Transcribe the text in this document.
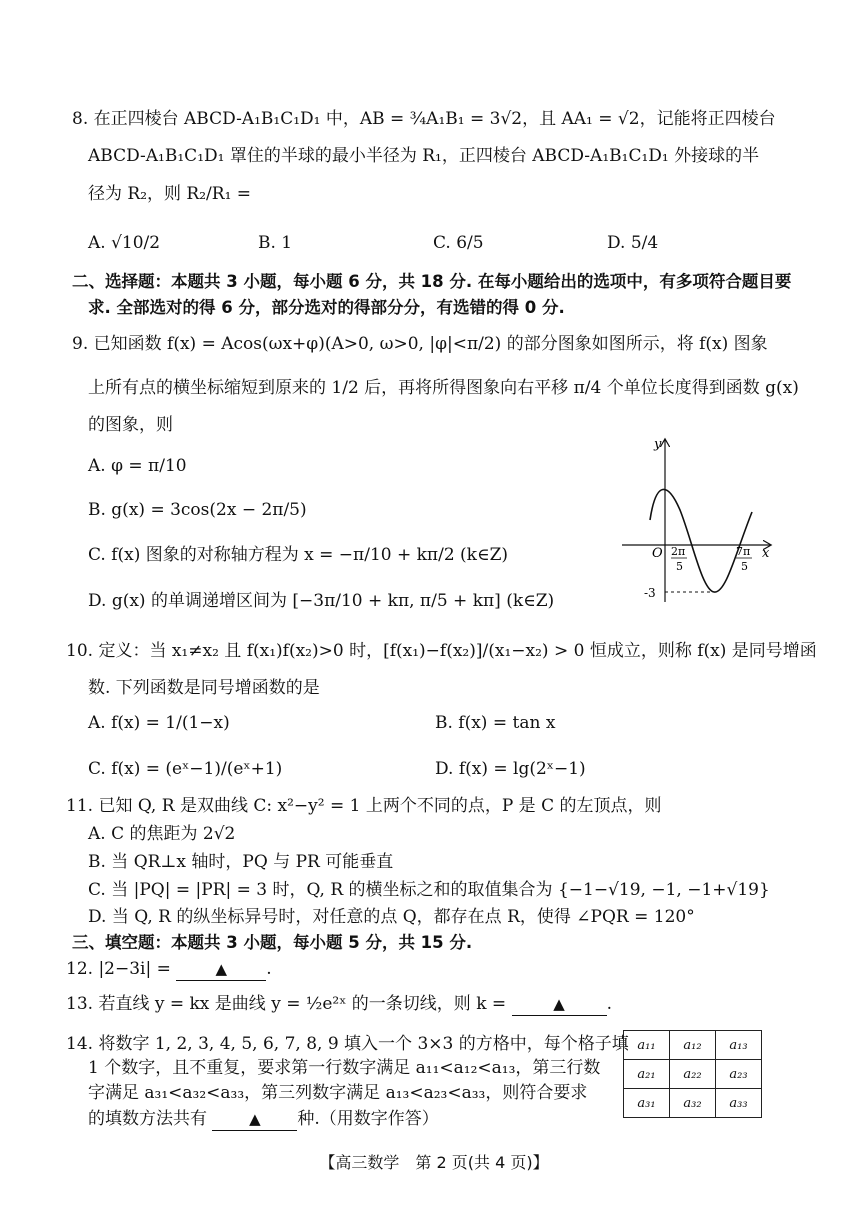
8. 在正四棱台 ABCD-A₁B₁C₁D₁ 中，AB = ¾A₁B₁ = 3√2，且 AA₁ = √2，记能将正四棱台
ABCD-A₁B₁C₁D₁ 罩住的半球的最小半径为 R₁，正四棱台 ABCD-A₁B₁C₁D₁ 外接球的半
径为 R₂，则 R₂/R₁ =
A. √10/2	B. 1	C. 6/5	D. 5/4
二、选择题：本题共 3 小题，每小题 6 分，共 18 分. 在每小题给出的选项中，有多项符合题目要
求. 全部选对的得 6 分，部分选对的得部分分，有选错的得 0 分.
9. 已知函数 f(x) = Acos(ωx+φ)(A>0, ω>0, |φ|<π/2) 的部分图象如图所示，将 f(x) 图象
上所有点的横坐标缩短到原来的 1/2 后，再将所得图象向右平移 π/4 个单位长度得到函数 g(x)
的图象，则
A. φ = π/10
B. g(x) = 3cos(2x − 2π/5)
C. f(x) 图象的对称轴方程为 x = −π/10 + kπ/2 (k∈Z)
D. g(x) 的单调递增区间为 [−3π/10 + kπ, π/5 + kπ] (k∈Z)
y
x
O 2π
5
7π
5
-3
10. 定义：当 x₁≠x₂ 且 f(x₁)f(x₂)>0 时，[f(x₁)−f(x₂)]/(x₁−x₂) > 0 恒成立，则称 f(x) 是同号增函
数. 下列函数是同号增函数的是
A. f(x) = 1/(1−x)	B. f(x) = tan x
C. f(x) = (eˣ−1)/(eˣ+1)	D. f(x) = lg(2ˣ−1)
11. 已知 Q, R 是双曲线 C: x²−y² = 1 上两个不同的点，P 是 C 的左顶点，则
A. C 的焦距为 2√2
B. 当 QR⊥x 轴时，PQ 与 PR 可能垂直
C. 当 |PQ| = |PR| = 3 时，Q, R 的横坐标之和的取值集合为 {−1−√19, −1, −1+√19}
D. 当 Q, R 的纵坐标异号时，对任意的点 Q，都存在点 R，使得 ∠PQR = 120°
三、填空题：本题共 3 小题，每小题 5 分，共 15 分.
12. |2−3i| =	▲ .
13. 若直线 y = kx 是曲线 y = ½e²ˣ 的一条切线，则 k =	▲ .
14. 将数字 1, 2, 3, 4, 5, 6, 7, 8, 9 填入一个 3×3 的方格中，每个格子填
1 个数字，且不重复，要求第一行数字满足 a₁₁<a₁₂<a₁₃，第三行数
字满足 a₃₁<a₃₂<a₃₃，第三列数字满足 a₁₃<a₂₃<a₃₃，则符合要求
的填数方法共有	▲ 种.（用数字作答）
a₁₁	a₁₂	a₁₃
a₂₁	a₂₂	a₂₃
a₃₁	a₃₂	a₃₃
【高三数学　第 2 页(共 4 页)】
